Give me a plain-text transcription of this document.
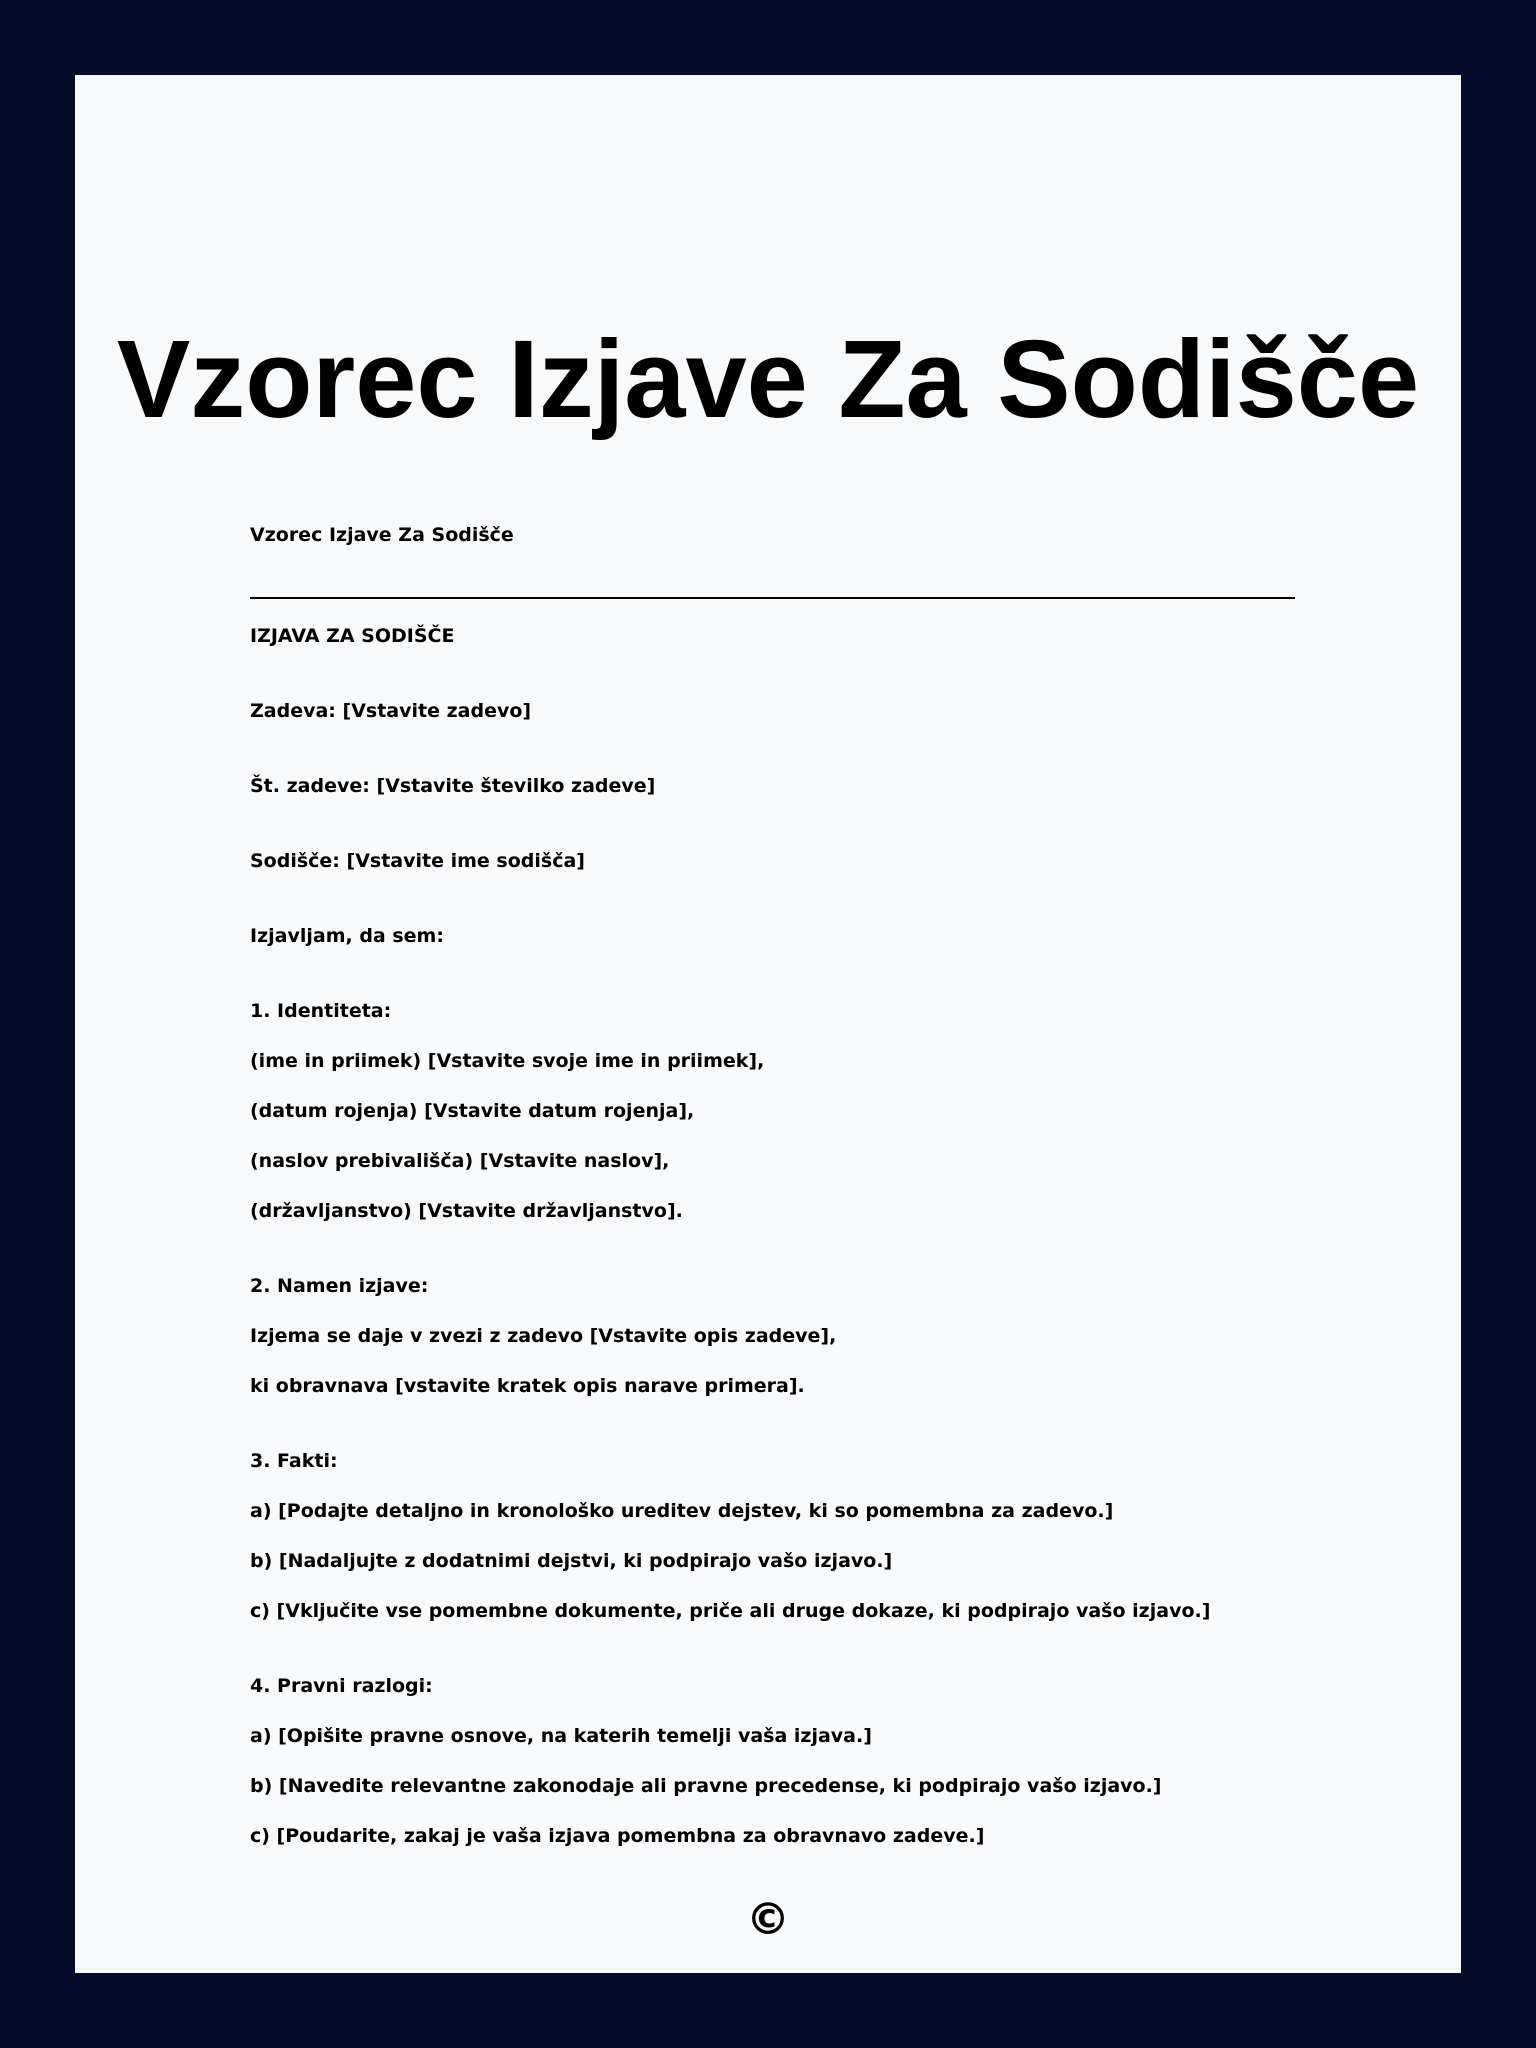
Vzorec Izjave Za Sodišče

Vzorec Izjave Za Sodišče

IZJAVA ZA SODIŠČE

Zadeva: [Vstavite zadevo]

Št. zadeve: [Vstavite številko zadeve]

Sodišče: [Vstavite ime sodišča]

Izjavljam, da sem:

1. Identiteta:

(ime in priimek) [Vstavite svoje ime in priimek],

(datum rojenja) [Vstavite datum rojenja],

(naslov prebivališča) [Vstavite naslov],

(državljanstvo) [Vstavite državljanstvo].

2. Namen izjave:

Izjema se daje v zvezi z zadevo [Vstavite opis zadeve],

ki obravnava [vstavite kratek opis narave primera].

3. Fakti:

a) [Podajte detaljno in kronološko ureditev dejstev, ki so pomembna za zadevo.]

b) [Nadaljujte z dodatnimi dejstvi, ki podpirajo vašo izjavo.]

c) [Vključite vse pomembne dokumente, priče ali druge dokaze, ki podpirajo vašo izjavo.]

4. Pravni razlogi:

a) [Opišite pravne osnove, na katerih temelji vaša izjava.]

b) [Navedite relevantne zakonodaje ali pravne precedense, ki podpirajo vašo izjavo.]

c) [Poudarite, zakaj je vaša izjava pomembna za obravnavo zadeve.]

©
